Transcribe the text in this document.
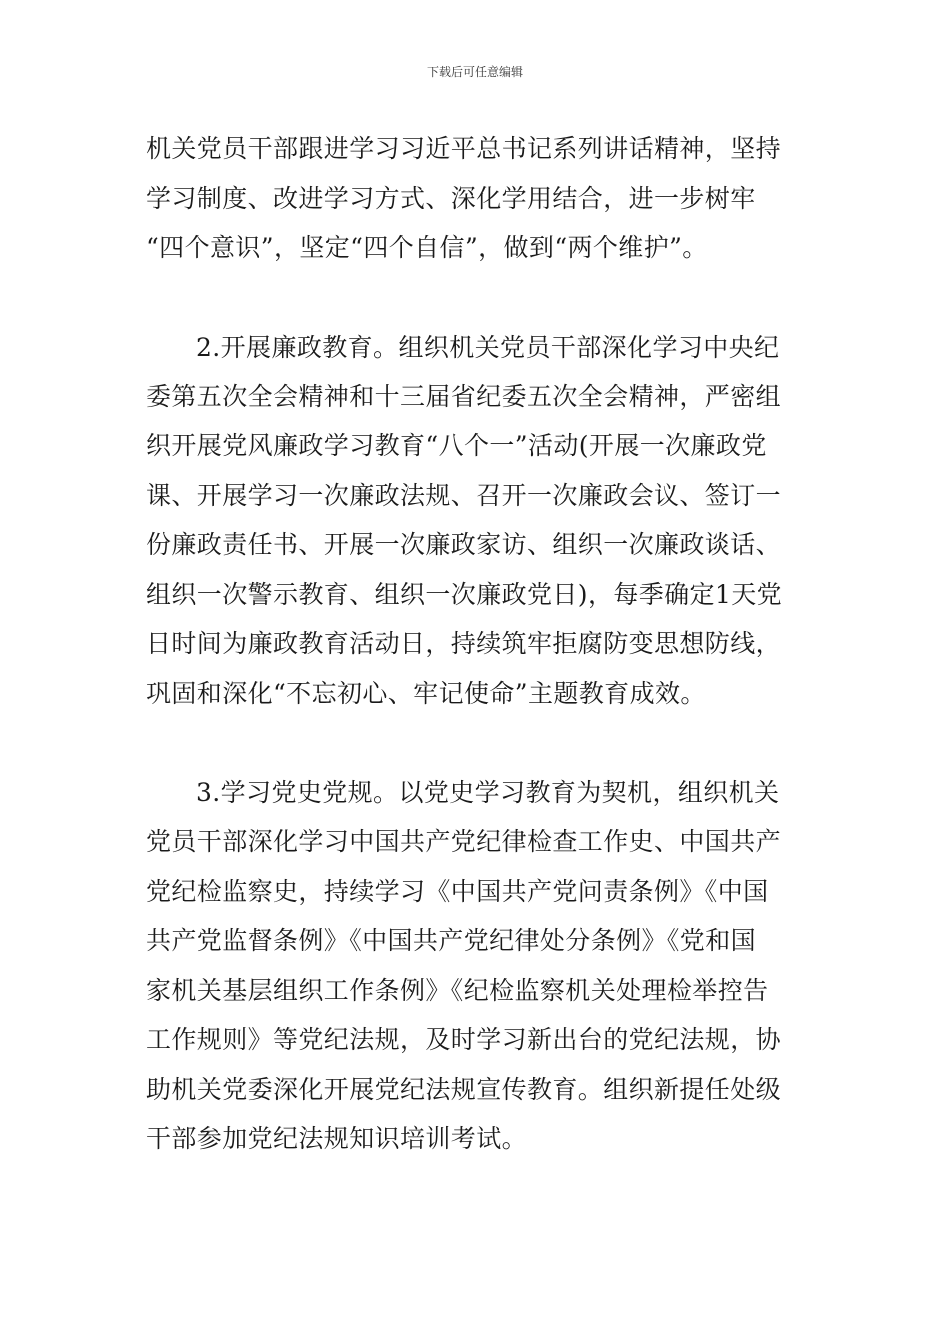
下载后可任意编辑
机关党员干部跟进学习习近平总书记系列讲话精神，坚持
学习制度、改进学习方式、深化学用结合，进一步树牢
“四个意识”，坚定“四个自信”，做到“两个维护”。
2.开展廉政教育。组织机关党员干部深化学习中央纪
委第五次全会精神和十三届省纪委五次全会精神，严密组
织开展党风廉政学习教育“八个一”活动(开展一次廉政党
课、开展学习一次廉政法规、召开一次廉政会议、签订一
份廉政责任书、开展一次廉政家访、组织一次廉政谈话、
组织一次警示教育、组织一次廉政党日)，每季确定1天党
日时间为廉政教育活动日，持续筑牢拒腐防变思想防线，
巩固和深化“不忘初心、牢记使命”主题教育成效。
3.学习党史党规。以党史学习教育为契机，组织机关
党员干部深化学习中国共产党纪律检查工作史、中国共产
党纪检监察史，持续学习《中国共产党问责条例》《中国
共产党监督条例》《中国共产党纪律处分条例》《党和国
家机关基层组织工作条例》《纪检监察机关处理检举控告
工作规则》等党纪法规，及时学习新出台的党纪法规，协
助机关党委深化开展党纪法规宣传教育。组织新提任处级
干部参加党纪法规知识培训考试。
